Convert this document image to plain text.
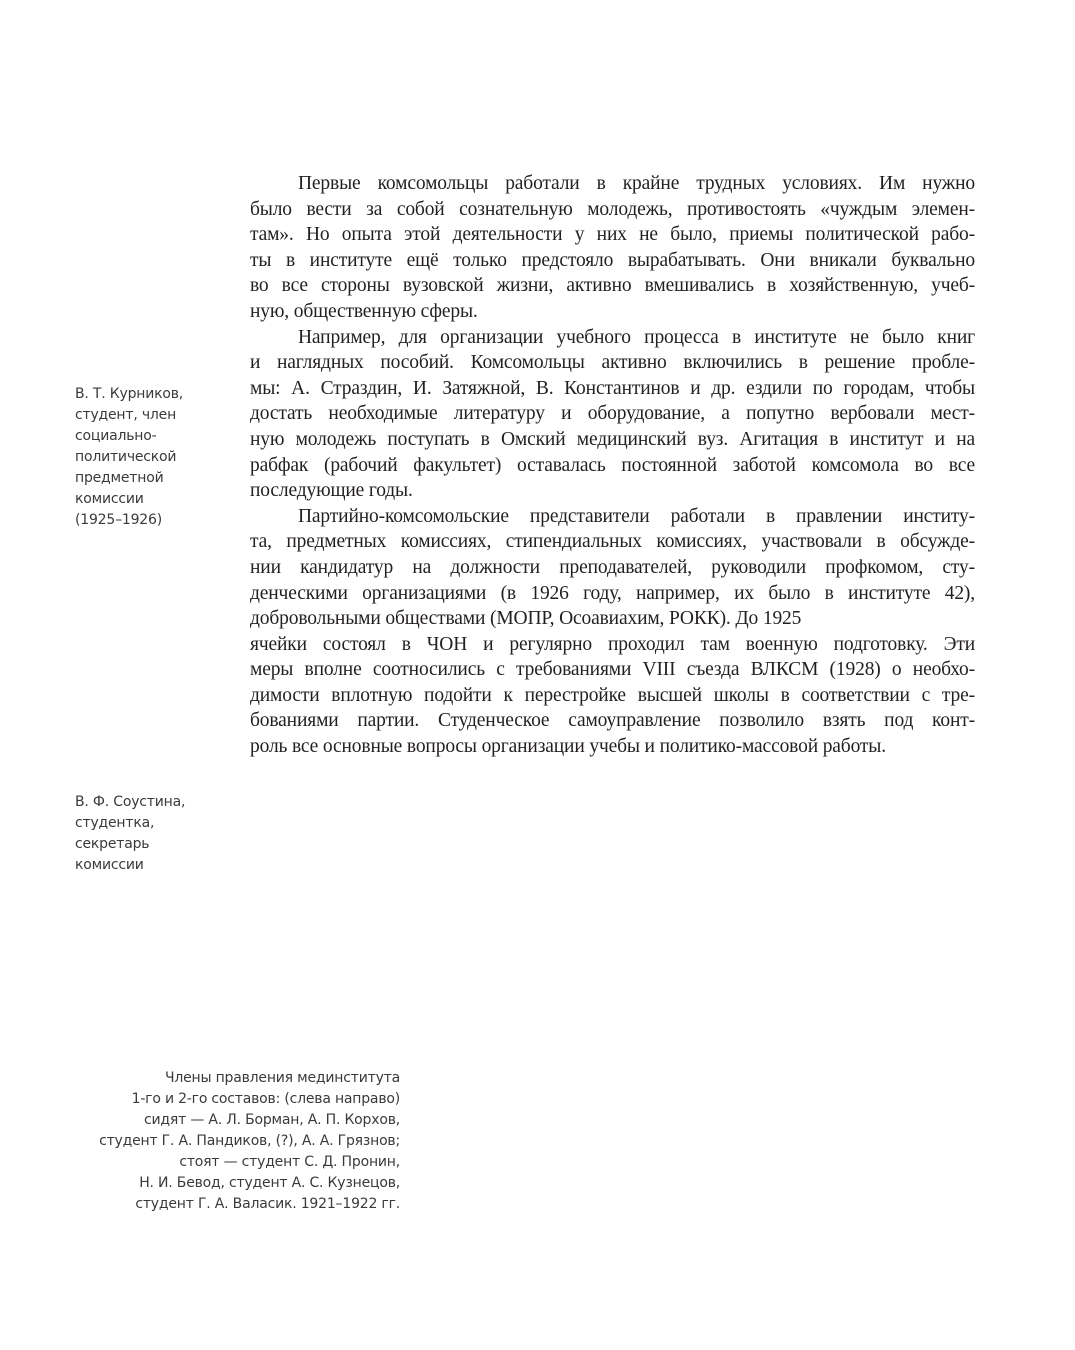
Первые комсомольцы работали в крайне трудных условиях. Им нужно
было вести за собой сознательную молодежь, противостоять «чуждым элемен-
там». Но опыта этой деятельности у них не было, приемы политической рабо-
ты в институте ещё только предстояло вырабатывать. Они вникали буквально
во все стороны вузовской жизни, активно вмешивались в хозяйственную, учеб-
ную, общественную сферы.

Например, для организации учебного процесса в институте не было книг
и наглядных пособий. Комсомольцы активно включились в решение пробле-
мы: А. Страздин, И. Затяжной, В. Константинов и др. ездили по городам, чтобы
достать необходимые литературу и оборудование, а попутно вербовали мест-
ную молодежь поступать в Омский медицинский вуз. Агитация в институт и на
рабфак (рабочий факультет) оставалась постоянной заботой комсомола во все
последующие годы.

Партийно-комсомольские представители работали в правлении институ-
та, предметных комиссиях, стипендиальных комиссиях, участвовали в обсужде-
нии кандидатур на должности преподавателей, руководили профкомом, сту-
денческими организациями (в 1926 году, например, их было в институте 42),
добровольными обществами (МОПР, Осоавиахим, РОКК). До 1925
ячейки состоял в ЧОН и регулярно проходил там военную подготовку. Эти
меры вполне соотносились с требованиями VIII съезда ВЛКСМ (1928) о необхо-
димости вплотную подойти к перестройке высшей школы в соответствии с тре-
бованиями партии. Студенческое самоуправление позволило взять под конт-
роль все основные вопросы организации учебы и политико-массовой работы.

В. Т. Курников,
студент, член
социально-
политической
предметной
комиссии
(1925–1926)
В. Ф. Соустина,
студентка,
секретарь
комиссии
Члены правления мединститута
1-го и 2-го составов: (слева направо)
сидят — А. Л. Борман, А. П. Корхов,
студент Г. А. Пандиков, (?), А. А. Грязнов;
стоят — студент С. Д. Пронин,
Н. И. Бевод, студент А. С. Кузнецов,
студент Г. А. Валасик. 1921–1922 гг.
